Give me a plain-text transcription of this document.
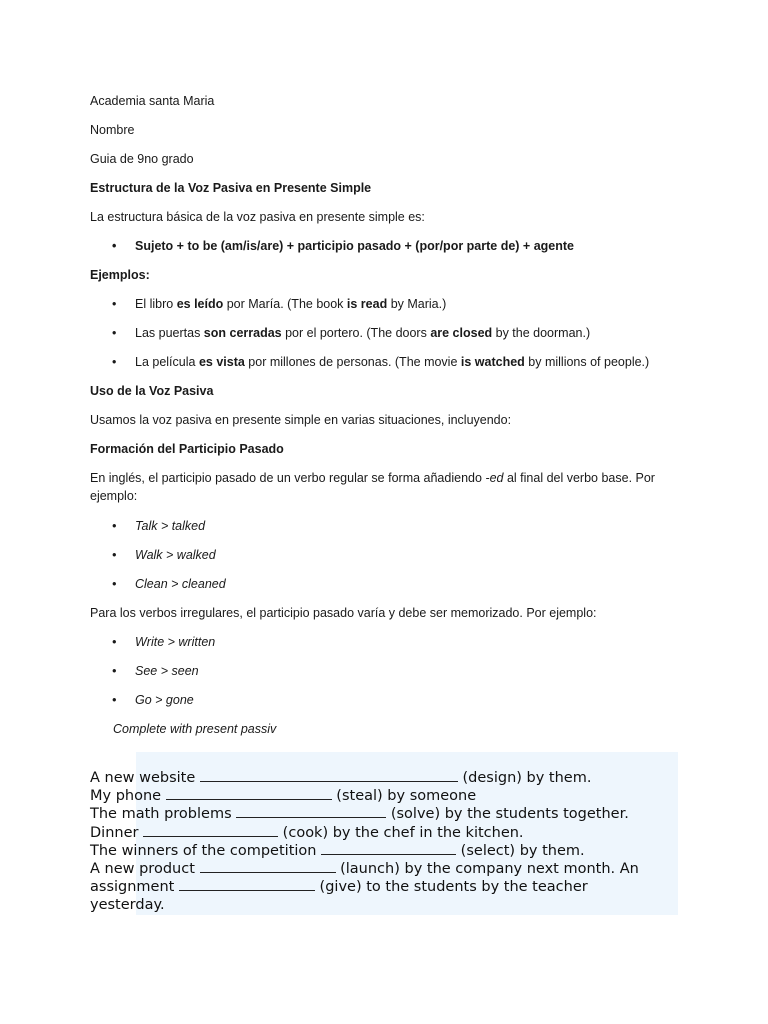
Academia santa Maria

Nombre

Guia de 9no grado

Estructura de la Voz Pasiva en Presente Simple

La estructura básica de la voz pasiva en presente simple es:

• Sujeto + to be (am/is/are) + participio pasado + (por/por parte de) + agente

Ejemplos:

• El libro es leído por María. (The book is read by Maria.)
• Las puertas son cerradas por el portero. (The doors are closed by the doorman.)
• La película es vista por millones de personas. (The movie is watched by millions of people.)

Uso de la Voz Pasiva

Usamos la voz pasiva en presente simple en varias situaciones, incluyendo:

Formación del Participio Pasado

En inglés, el participio pasado de un verbo regular se forma añadiendo -ed al final del verbo base. Por ejemplo:

• Talk > talked
• Walk > walked
• Clean > cleaned

Para los verbos irregulares, el participio pasado varía y debe ser memorizado. Por ejemplo:

• Write > written
• See > seen
• Go > gone

Complete with present passiv

A new website	(design) by them.
My phone	(steal) by someone
The math problems	(solve) by the students together.
Dinner	(cook) by the chef in the kitchen.
The winners of the competition	(select) by them.
A new product	(launch) by the company next month. An
assignment	(give) to the students by the teacher
yesterday.
